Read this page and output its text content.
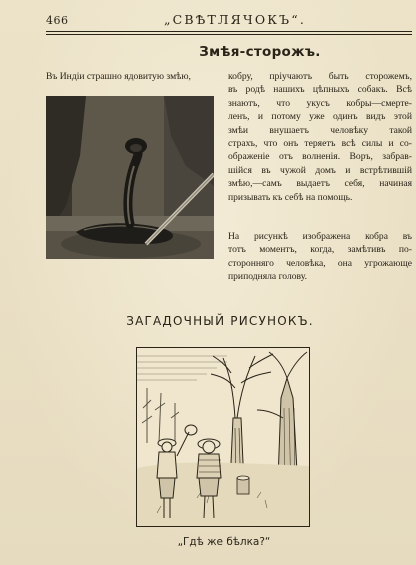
466	„СВѢТЛЯЧОКЪ“.
Змѣя-сторожъ.

Въ Индіи страшно ядовитую змѣю,	кобру, пріучаютъ быть сторожемъ,
въ родѣ нашихъ цѣпныхъ собакъ. Всѣ
знаютъ, что укусъ кобры—смертe-
ленъ, и потому уже одинъ видъ этой
змѣи внушаетъ человѣку такой
страхъ, что онъ теряетъ всѣ силы и со-
ображеніе отъ волненія. Воръ, забрав-
шійся въ чужой домъ и встрѣтившій
змѣю,—самъ выдаетъ себя, начиная
призывать къ себѣ на помощь.
На рисункѣ изображена кобра въ
тотъ моментъ, когда, замѣтивъ по-
сторонняго человѣка, она угрожающе
приподняла голову.
ЗАГАДОЧНЫЙ РИСУНОКЪ.
„Гдѣ же бѣлка?“
